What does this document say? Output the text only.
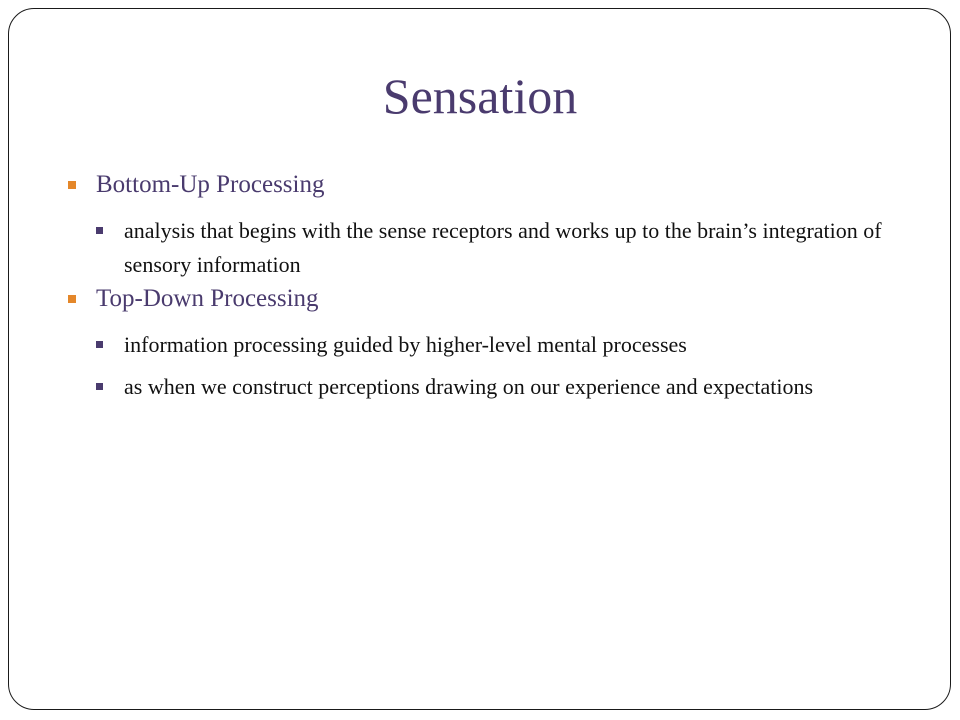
Sensation
Bottom-Up Processing
analysis that begins with the sense receptors and works up to the brain’s integration of sensory information
Top-Down Processing
information processing guided by higher-level mental processes
as when we construct perceptions drawing on our experience and expectations
